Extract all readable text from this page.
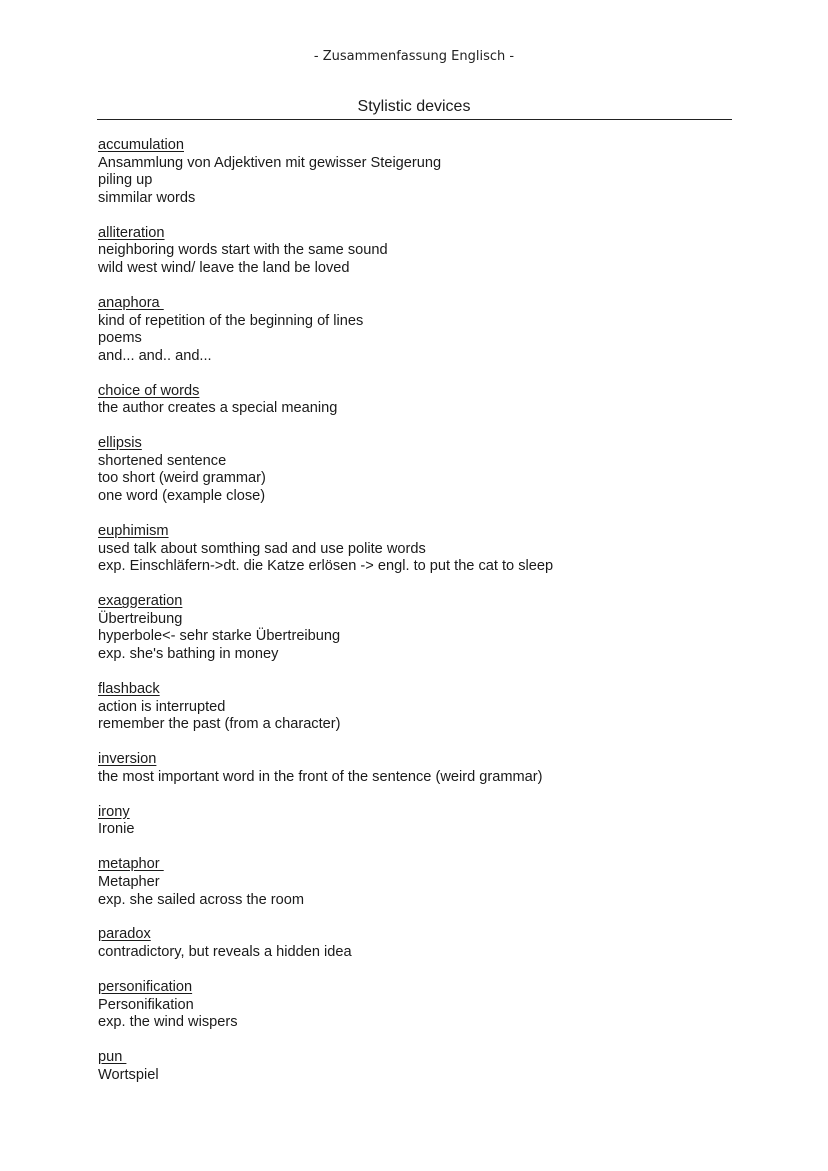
- Zusammenfassung Englisch -
Stylistic devices
accumulation
Ansammlung von Adjektiven mit gewisser Steigerung
piling up
simmilar words
alliteration
neighboring words start with the same sound
wild west wind/ leave the land be loved
anaphora
kind of repetition of the beginning of lines
poems
and... and.. and...
choice of words
the author creates a special meaning
ellipsis
shortened sentence
too short (weird grammar)
one word (example close)
euphimism
used talk about somthing sad and use polite words
exp. Einschläfern->dt. die Katze erlösen -> engl. to put the cat to sleep
exaggeration
Übertreibung
hyperbole<- sehr starke Übertreibung
exp. she's bathing in money
flashback
action is interrupted
remember the past (from a character)
inversion
the most important word in the front of the sentence (weird grammar)
irony
Ironie
metaphor
Metapher
exp. she sailed across the room
paradox
contradictory, but reveals a hidden idea
personification
Personifikation
exp. the wind wispers
pun
Wortspiel
